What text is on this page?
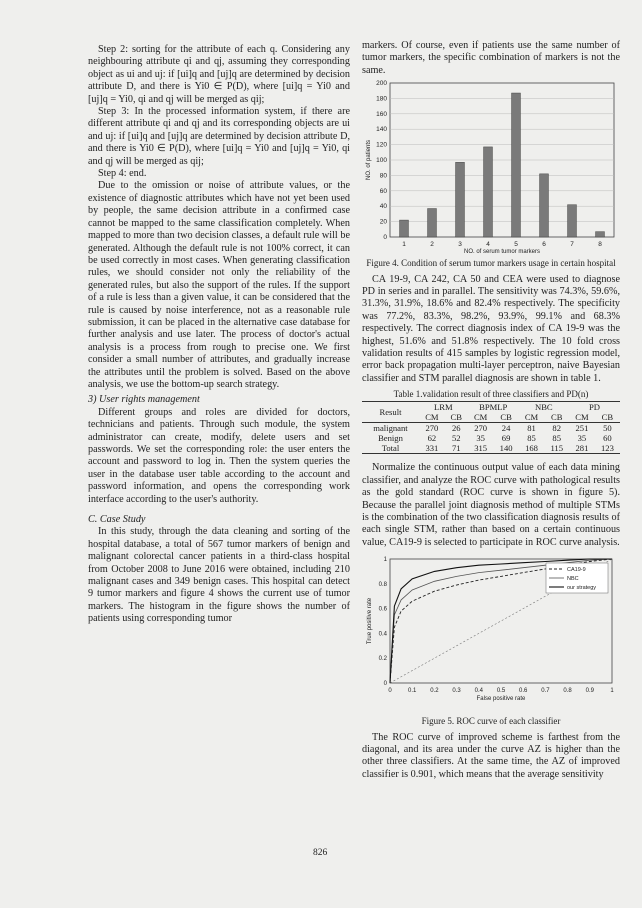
Step 2: sorting for the attribute of each q. Considering any neighbouring attribute qi and qj, assuming they corresponding object as ui and uj: if [ui]q and [uj]q are determined by decision attribute D, and there is Yi0 ∈ P(D), where [ui]q = Yi0 and [uj]q = Yi0, qi and qj will be merged as qij;

Step 3: In the processed information system, if there are different attribute qi and qj and its corresponding objects are ui and uj: if [ui]q and [uj]q are determined by decision attribute D, and there is Yi0 ∈ P(D), where [ui]q = Yi0 and [uj]q = Yi0, qi and qj will be merged as qij;

Step 4: end.

Due to the omission or noise of attribute values, or the existence of diagnostic attributes which have not yet been used by people, the same decision attribute in a confirmed case cannot be mapped to the same classification completely. When mapped to more than two decision classes, a default rule will be generated. Although the default rule is not 100% correct, it can be used correctly in most cases. When generating classification rules, we should consider not only the reliability of the generated rules, but also the support of the rules. If the support of a rule is less than a given value, it can be considered that the rule is caused by noise interference, not as a reasonable rule submission, it can be placed in the alternative case database for further analysis and use later. The process of doctor's actual analysis is a process from rough to precise one. We first consider a small number of attributes, and gradually increase the attributes until the problem is solved. Based on the above analysis, we use the bottom-up search strategy.

3) User rights management

Different groups and roles are divided for doctors, technicians and patients. Through such module, the system administrator can create, modify, delete users and set passwords. We set the corresponding role: the user enters the account and password to log in. Then the system queries the user in the database user table according to the account and password information, and opens the corresponding work interface according to the user's authority.

C. Case Study

In this study, through the data cleaning and sorting of the hospital database, a total of 567 tumor markers of benign and malignant colorectal cancer patients in a third-class hospital from October 2008 to June 2016 were obtained, including 210 malignant cases and 349 benign cases. This hospital can detect 9 tumor markers and figure 4 shows the current use of tumor markers. The histogram in the figure shows the number of patients using corresponding tumor

markers. Of course, even if patients use the same number of tumor markers, the specific combination of markers is not the same.

0
20
40
60
80
100
120
140
160
180
200
1	2	3	4	5	6	7	8
NO. of serum tumor markers
NO. of patients
Figure 4. Condition of serum tumor markers usage in certain hospital

CA 19-9, CA 242, CA 50 and CEA were used to diagnose PD in series and in parallel. The sensitivity was 74.3%, 59.6%, 31.3%, 31.9%, 18.6% and 82.4% respectively. The specificity was 77.2%, 83.3%, 98.2%, 93.9%, 99.1% and 68.3% respectively. The correct diagnosis index of CA 19-9 was the highest, 51.6% and 51.8% respectively. The 10 fold cross validation results of 415 samples by logistic regression model, error back propagation multi-layer perceptron, naive Bayesian classifier and STM parallel diagnosis are shown in table 1.

Table 1.validation result of three classifiers and PD(n)
Result	LRM		BPMLP		NBC		PD	
	CM	CB	CM	CB	CM	CB	CM	CB
malignant	270	26	270	24	81	82	251	50
Benign	62	52	35	69	85	85	35	60
Total	331	71	315	140	168	115	281	123

Normalize the continuous output value of each data mining classifier, and analyze the ROC curve with pathological results as the gold standard (ROC curve is shown in figure 5). Because the parallel joint diagnosis method of multiple STMs is the combination of the two classification diagnosis results of each single STM, rather than based on a certain continuous value, CA19-9 is selected to participate in ROC curve analysis.

0	0.1 0.2 0.3 0.4 0.5 0.6 0.7 0.8 0.9	1
0
0.2
0.4
0.6
0.8
1
CA19-9
NBC
our strategy
False positive rate
True positive rate
Figure 5. ROC curve of each classifier

The ROC curve of improved scheme is farthest from the diagonal, and its area under the curve AZ is higher than the other three classifiers. At the same time, the AZ of improved classifier is 0.901, which means that the average sensitivity

826
